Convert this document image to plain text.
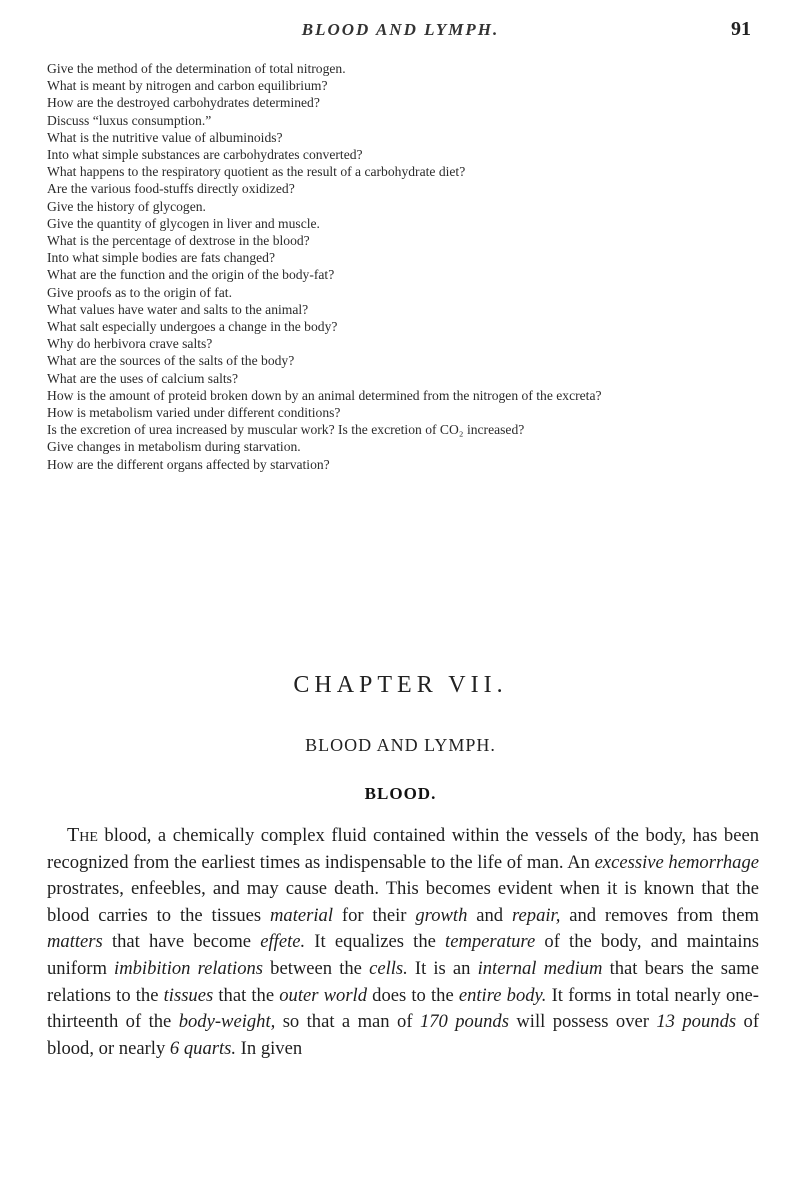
BLOOD AND LYMPH.	91

Give the method of the determination of total nitrogen.

What is meant by nitrogen and carbon equilibrium?

How are the destroyed carbohydrates determined?

Discuss “luxus consumption.”

What is the nutritive value of albuminoids?

Into what simple substances are carbohydrates converted?

What happens to the respiratory quotient as the result of a carbohydrate diet?

Are the various food-stuffs directly oxidized?

Give the history of glycogen.

Give the quantity of glycogen in liver and muscle.

What is the percentage of dextrose in the blood?

Into what simple bodies are fats changed?

What are the function and the origin of the body-fat?

Give proofs as to the origin of fat.

What values have water and salts to the animal?

What salt especially undergoes a change in the body?

Why do herbivora crave salts?

What are the sources of the salts of the body?

What are the uses of calcium salts?

How is the amount of proteid broken down by an animal determined from the nitrogen of the excreta?

How is metabolism varied under different conditions?

Is the excretion of urea increased by muscular work? Is the excretion of CO₂ increased?

Give changes in metabolism during starvation.

How are the different organs affected by starvation?

CHAPTER VII.
BLOOD AND LYMPH.
BLOOD.

The blood, a chemically complex fluid contained within the vessels of the body, has been recognized from the earliest times as indispensable to the life of man. An excessive hemorrhage prostrates, enfeebles, and may cause death. This becomes evident when it is known that the blood carries to the tissues material for their growth and repair, and removes from them matters that have become effete. It equalizes the temperature of the body, and maintains uniform imbibition relations between the cells. It is an internal medium that bears the same relations to the tissues that the outer world does to the entire body. It forms in total nearly one-thirteenth of the body-weight, so that a man of 170 pounds will possess over 13 pounds of blood, or nearly 6 quarts. In given
